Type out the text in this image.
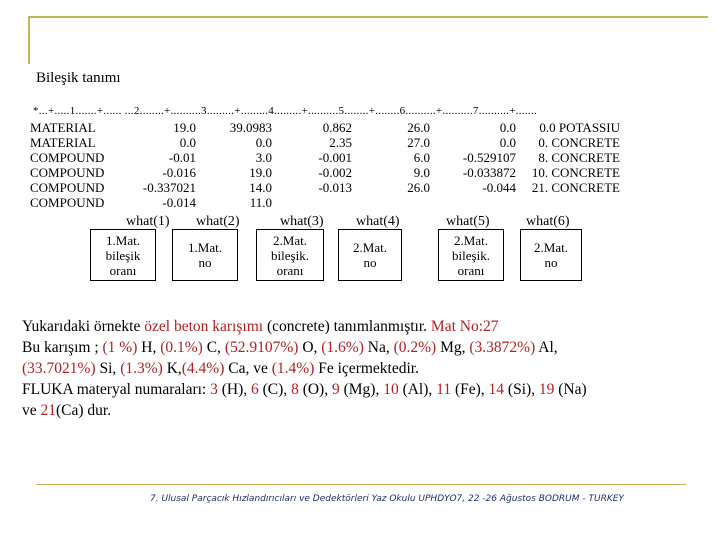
Bileşik tanımı
*...+.....1.......+...... ...2........+..........3.........+.........4.........+..........5........+........6..........+..........7..........+.......
MATERIAL	19.0	39.0983	0.862	26.0	0.0	0.0 POTASSIU
MATERIAL	0.0	0.0	2.35	27.0	0.0	0. CONCRETE
COMPOUND	-0.01	3.0	-0.001	6.0	-0.529107	8. CONCRETE
COMPOUND	-0.016	19.0	-0.002	9.0	-0.033872	10. CONCRETE
COMPOUND	-0.337021	14.0	-0.013	26.0	-0.044	21. CONCRETE
COMPOUND	-0.014	11.0				
what(1) what(2)	what(3) what(4)	what(5)	what(6)
1.Mat.
bileşik
oranı
1.Mat.
no
2.Mat.
bileşik.
oranı
2.Mat.
no
2.Mat.
bileşik.
oranı
2.Mat.
no
Yukarıdaki örnekte özel beton karışımı (concrete) tanımlanmıştır. Mat No:27
Bu karışım ; (1 %) H, (0.1%) C, (52.9107%) O, (1.6%) Na, (0.2%) Mg, (3.3872%) Al,
(33.7021%) Si, (1.3%) K,(4.4%) Ca, ve (1.4%) Fe içermektedir.
FLUKA materyal numaraları: 3 (H), 6 (C), 8 (O), 9 (Mg), 10 (Al), 11 (Fe), 14 (Si), 19 (Na)
ve 21(Ca) dur.
7. Ulusal Parçacık Hızlandırıcıları ve Dedektörleri Yaz Okulu UPHDYO7, 22 -26 Ağustos BODRUM - TURKEY
